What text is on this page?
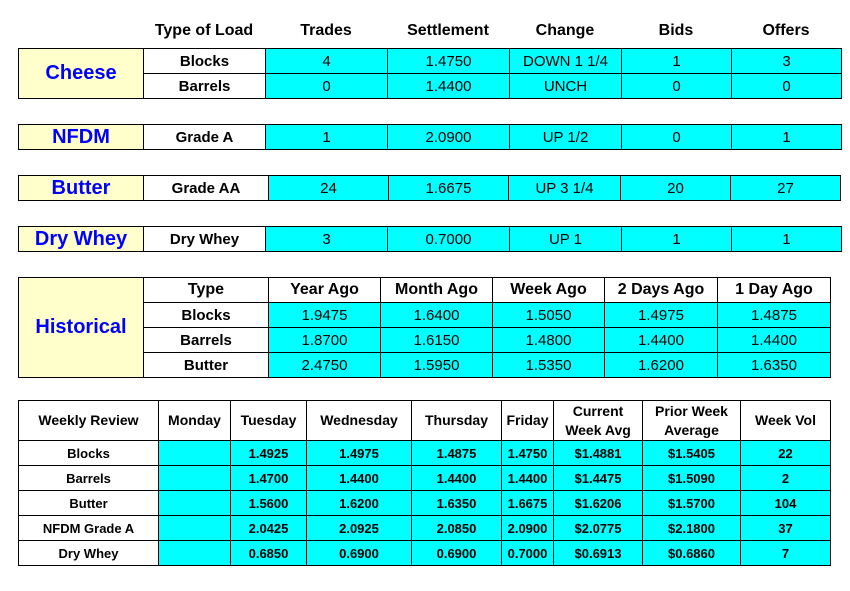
	Type of Load	Trades	Settlement	Change	Bids	Offers
Cheese	Blocks	4	1.4750	DOWN 1 1/4	1	3
	Barrels	0	1.4400	UNCH	0	0
NFDM	Grade A	1	2.0900	UP 1/2	0	1
Butter	Grade AA	24	1.6675	UP 3 1/4	20	27
Dry Whey	Dry Whey	3	0.7000	UP 1	1	1
Historical	Type	Year Ago	Month Ago	Week Ago	2 Days Ago	1 Day Ago
	Blocks	1.9475	1.6400	1.5050	1.4975	1.4875
	Barrels	1.8700	1.6150	1.4800	1.4400	1.4400
	Butter	2.4750	1.5950	1.5350	1.6200	1.6350
Weekly Review	Monday	Tuesday	Wednesday	Thursday	Friday	Current Week Avg	Prior Week Average	Week Vol
Blocks		1.4925	1.4975	1.4875	1.4750	$1.4881	$1.5405	22
Barrels		1.4700	1.4400	1.4400	1.4400	$1.4475	$1.5090	2
Butter		1.5600	1.6200	1.6350	1.6675	$1.6206	$1.5700	104
NFDM Grade A		2.0425	2.0925	2.0850	2.0900	$2.0775	$2.1800	37
Dry Whey		0.6850	0.6900	0.6900	0.7000	$0.6913	$0.6860	7
